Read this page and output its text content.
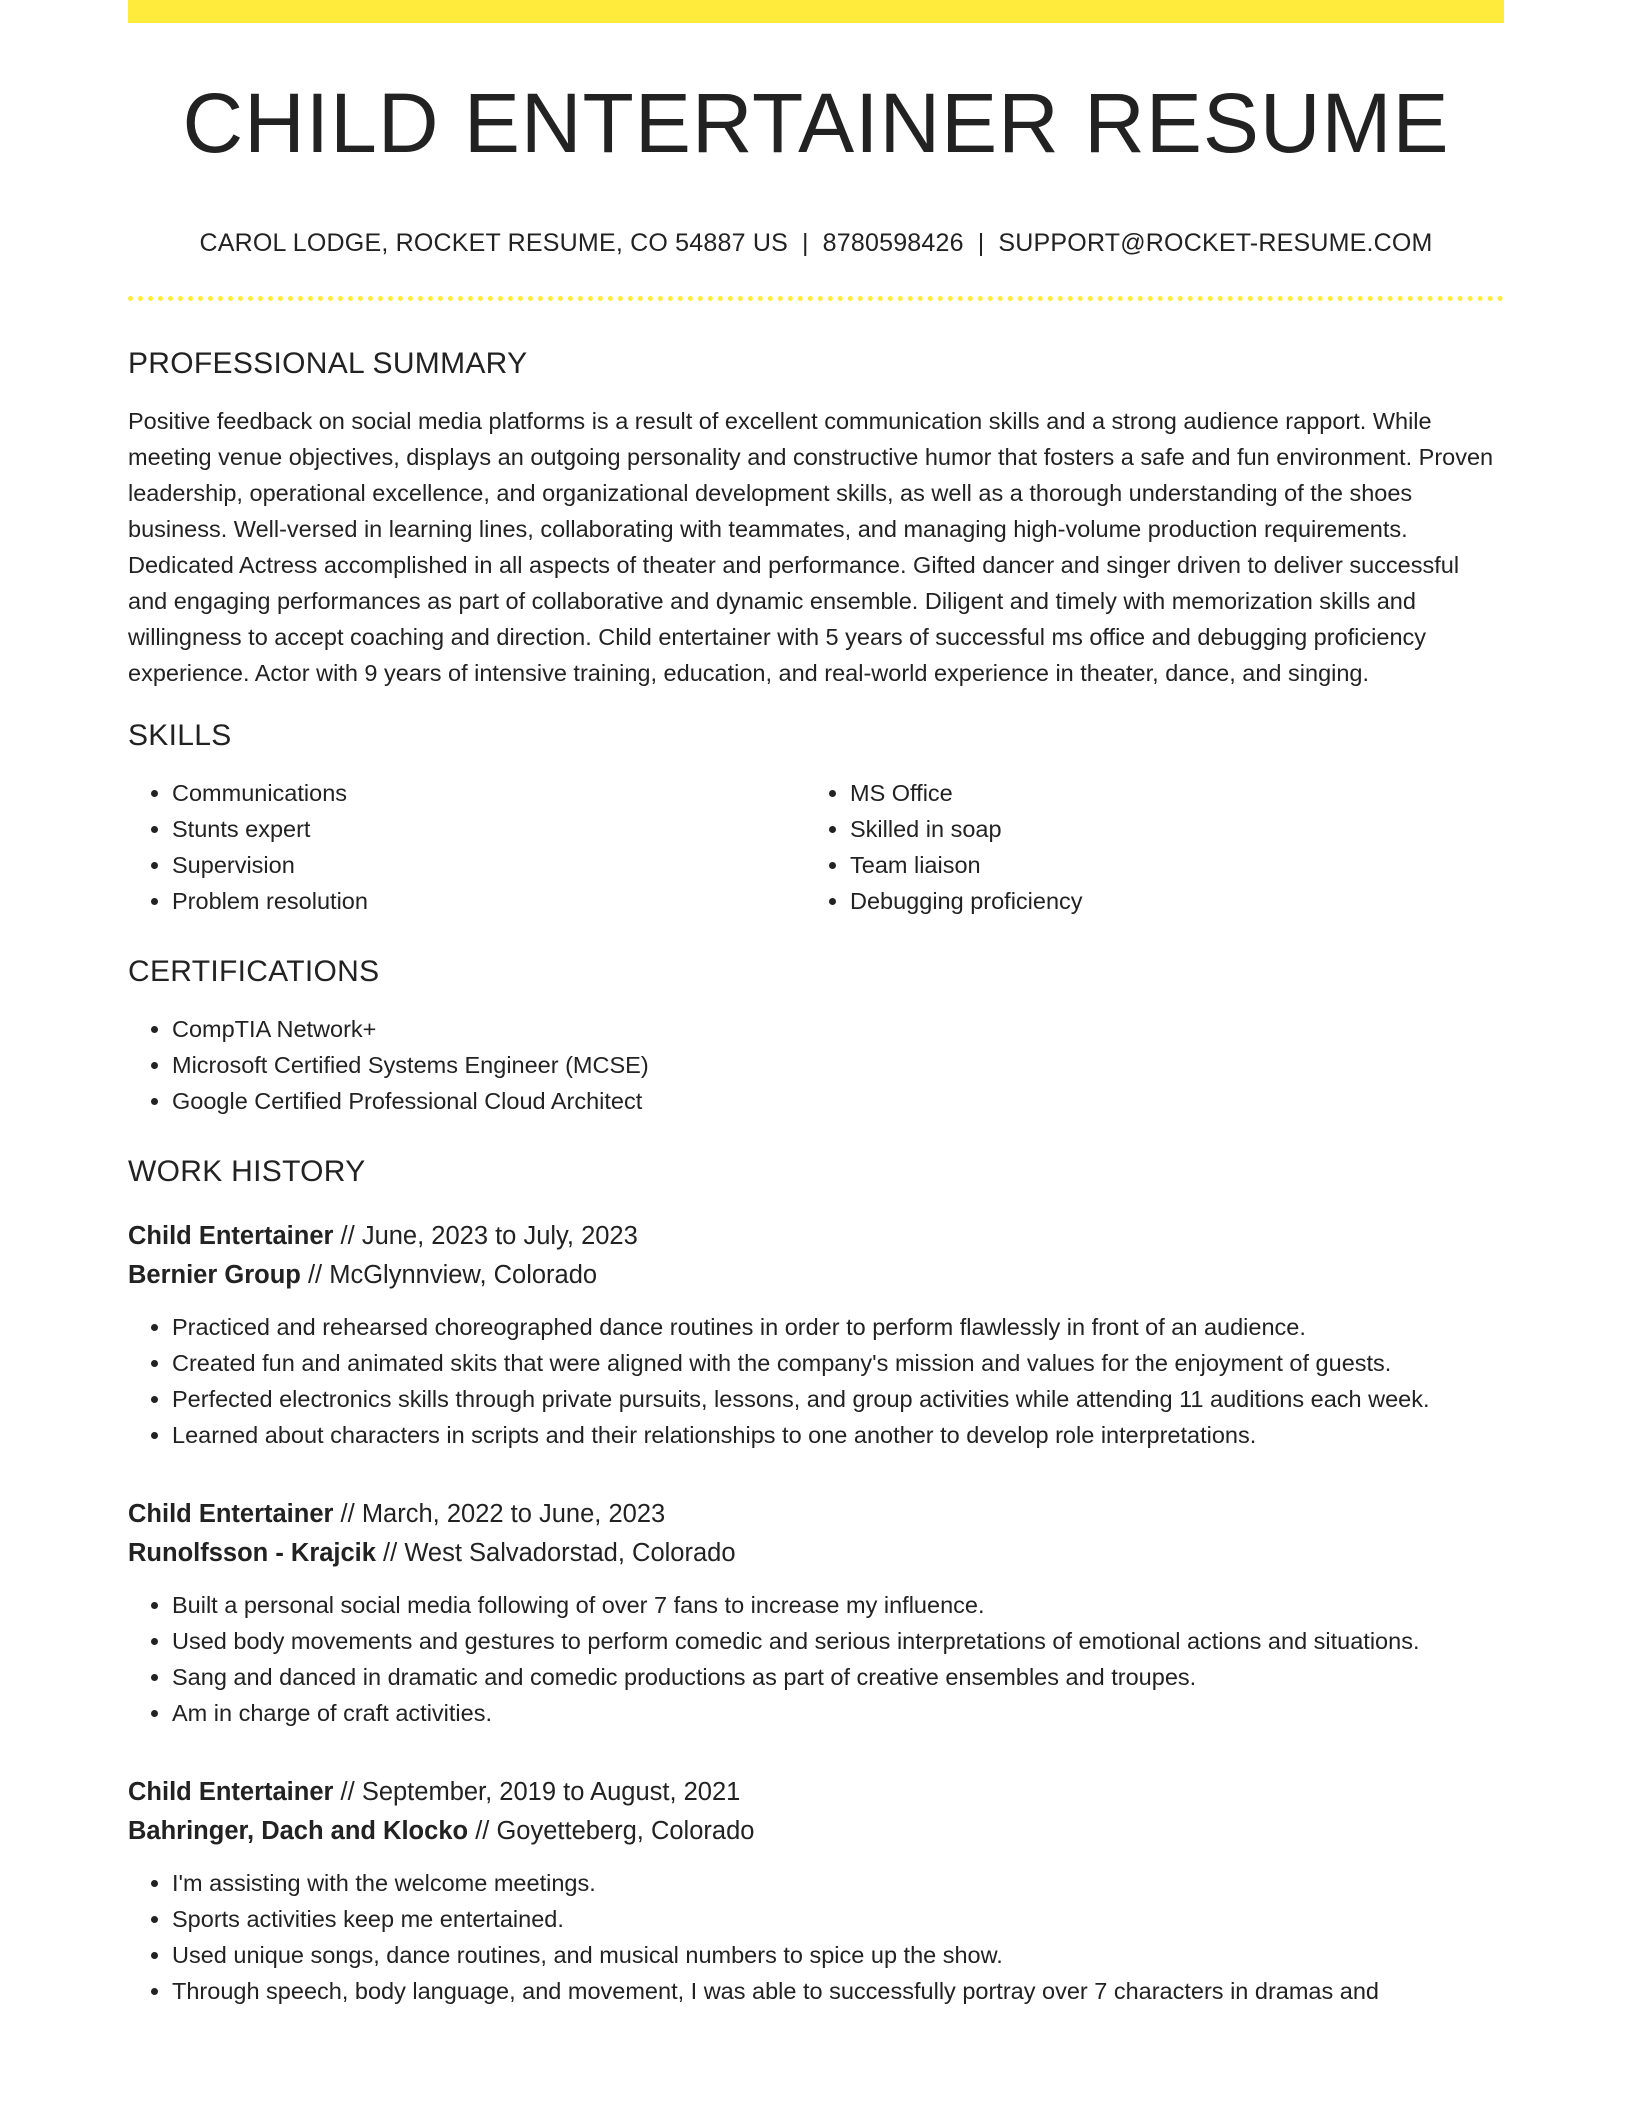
CHILD ENTERTAINER RESUME
CAROL LODGE, ROCKET RESUME, CO 54887 US | 8780598426 | SUPPORT@ROCKET-RESUME.COM
PROFESSIONAL SUMMARY

Positive feedback on social media platforms is a result of excellent communication skills and a strong audience rapport. While meeting venue objectives, displays an outgoing personality and constructive humor that fosters a safe and fun environment. Proven leadership, operational excellence, and organizational development skills, as well as a thorough understanding of the shoes business. Well-versed in learning lines, collaborating with teammates, and managing high-volume production requirements. Dedicated Actress accomplished in all aspects of theater and performance. Gifted dancer and singer driven to deliver successful and engaging performances as part of collaborative and dynamic ensemble. Diligent and timely with memorization skills and willingness to accept coaching and direction. Child entertainer with 5 years of successful ms office and debugging proficiency experience. Actor with 9 years of intensive training, education, and real-world experience in theater, dance, and singing.

SKILLS
• Communications
• Stunts expert
• Supervision
• Problem resolution
• MS Office
• Skilled in soap
• Team liaison
• Debugging proficiency
CERTIFICATIONS
• CompTIA Network+
• Microsoft Certified Systems Engineer (MCSE)
• Google Certified Professional Cloud Architect
WORK HISTORY
Child Entertainer // June, 2023 to July, 2023
Bernier Group // McGlynnview, Colorado
• Practiced and rehearsed choreographed dance routines in order to perform flawlessly in front of an audience.
• Created fun and animated skits that were aligned with the company's mission and values for the enjoyment of guests.
• Perfected electronics skills through private pursuits, lessons, and group activities while attending 11 auditions each week.
• Learned about characters in scripts and their relationships to one another to develop role interpretations.
Child Entertainer // March, 2022 to June, 2023
Runolfsson - Krajcik // West Salvadorstad, Colorado
• Built a personal social media following of over 7 fans to increase my influence.
• Used body movements and gestures to perform comedic and serious interpretations of emotional actions and situations.
• Sang and danced in dramatic and comedic productions as part of creative ensembles and troupes.
• Am in charge of craft activities.
Child Entertainer // September, 2019 to August, 2021
Bahringer, Dach and Klocko // Goyetteberg, Colorado
• I'm assisting with the welcome meetings.
• Sports activities keep me entertained.
• Used unique songs, dance routines, and musical numbers to spice up the show.
• Through speech, body language, and movement, I was able to successfully portray over 7 characters in dramas and
